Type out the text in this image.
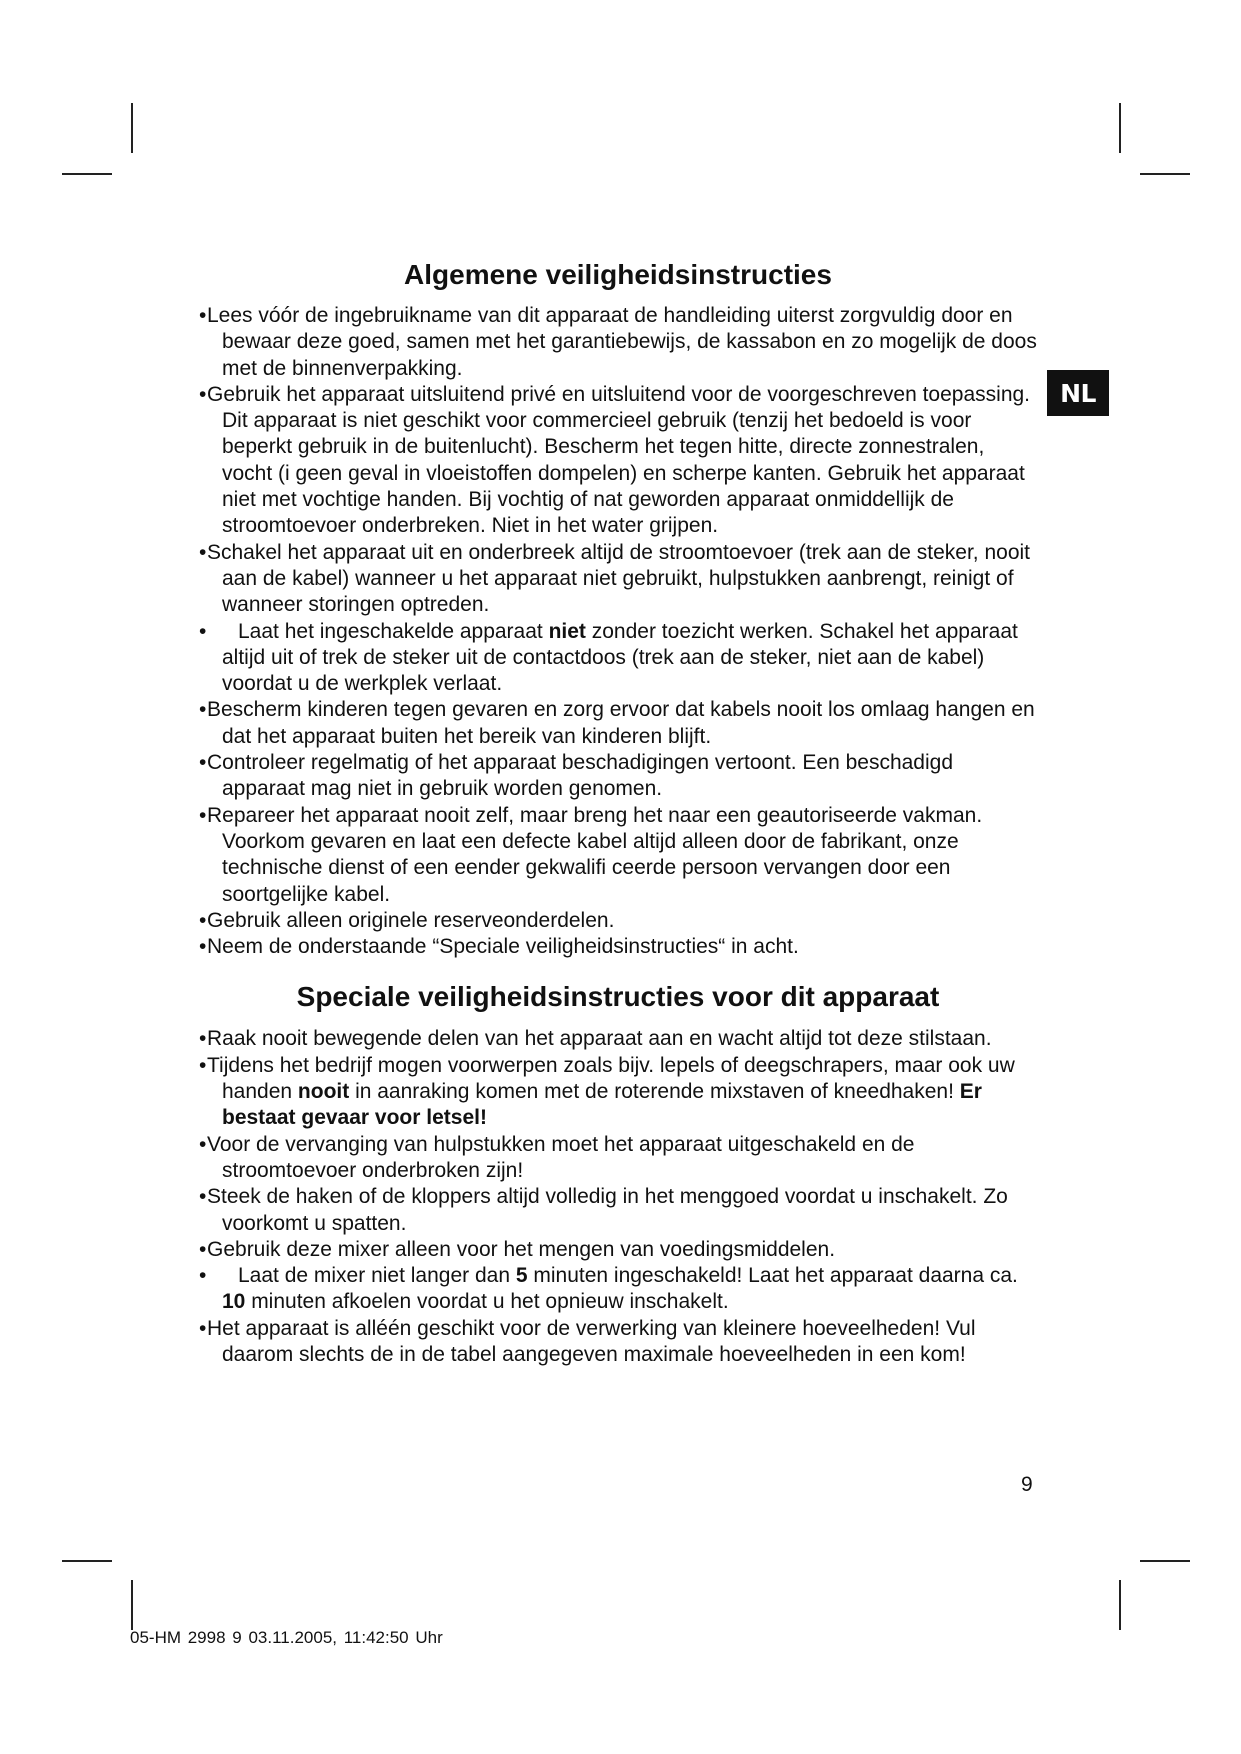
NL
Algemene veiligheidsinstructies
• Lees vóór de ingebruikname van dit apparaat de handleiding uiterst zorgvuldig door en bewaar deze goed, samen met het garantiebewijs, de kassabon en zo mogelijk de doos met de binnenverpakking.
• Gebruik het apparaat uitsluitend privé en uitsluitend voor de voorgeschreven toepassing. Dit apparaat is niet geschikt voor commercieel gebruik (tenzij het bedoeld is voor beperkt gebruik in de buitenlucht). Bescherm het tegen hitte, directe zonnestralen, vocht (i geen geval in vloeistoffen dompelen) en scherpe kanten. Gebruik het apparaat niet met vochtige handen. Bij vochtig of nat geworden apparaat onmiddellijk de stroomtoevoer onderbreken. Niet in het water grijpen.
• Schakel het apparaat uit en onderbreek altijd de stroomtoevoer (trek aan de steker, nooit aan de kabel) wanneer u het apparaat niet gebruikt, hulpstukken aanbrengt, reinigt of wanneer storingen optreden.
• Laat het ingeschakelde apparaat niet zonder toezicht werken. Schakel het apparaat altijd uit of trek de steker uit de contactdoos (trek aan de steker, niet aan de kabel) voordat u de werkplek verlaat.
• Bescherm kinderen tegen gevaren en zorg ervoor dat kabels nooit los omlaag hangen en dat het apparaat buiten het bereik van kinderen blijft.
• Controleer regelmatig of het apparaat beschadigingen vertoont. Een beschadigd apparaat mag niet in gebruik worden genomen.
• Repareer het apparaat nooit zelf, maar breng het naar een geautoriseerde vakman. Voorkom gevaren en laat een defecte kabel altijd alleen door de fabrikant, onze technische dienst of een eender gekwalifi ceerde persoon vervangen door een soortgelijke kabel.
• Gebruik alleen originele reserveonderdelen.
• Neem de onderstaande “Speciale veiligheidsinstructies“ in acht.
Speciale veiligheidsinstructies voor dit apparaat
• Raak nooit bewegende delen van het apparaat aan en wacht altijd tot deze stilstaan.
• Tijdens het bedrijf mogen voorwerpen zoals bijv. lepels of deegschrapers, maar ook uw handen nooit in aanraking komen met de roterende mixstaven of kneedhaken! Er bestaat gevaar voor letsel!
• Voor de vervanging van hulpstukken moet het apparaat uitgeschakeld en de stroomtoevoer onderbroken zijn!
• Steek de haken of de kloppers altijd volledig in het menggoed voordat u inschakelt. Zo voorkomt u spatten.
• Gebruik deze mixer alleen voor het mengen van voedingsmiddelen.
• Laat de mixer niet langer dan 5 minuten ingeschakeld! Laat het apparaat daarna ca. 10 minuten afkoelen voordat u het opnieuw inschakelt.
• Het apparaat is alléén geschikt voor de verwerking van kleinere hoeveelheden! Vul daarom slechts de in de tabel aangegeven maximale hoeveelheden in een kom!
9
05-HM 2998 9 03.11.2005, 11:42:50 Uhr
